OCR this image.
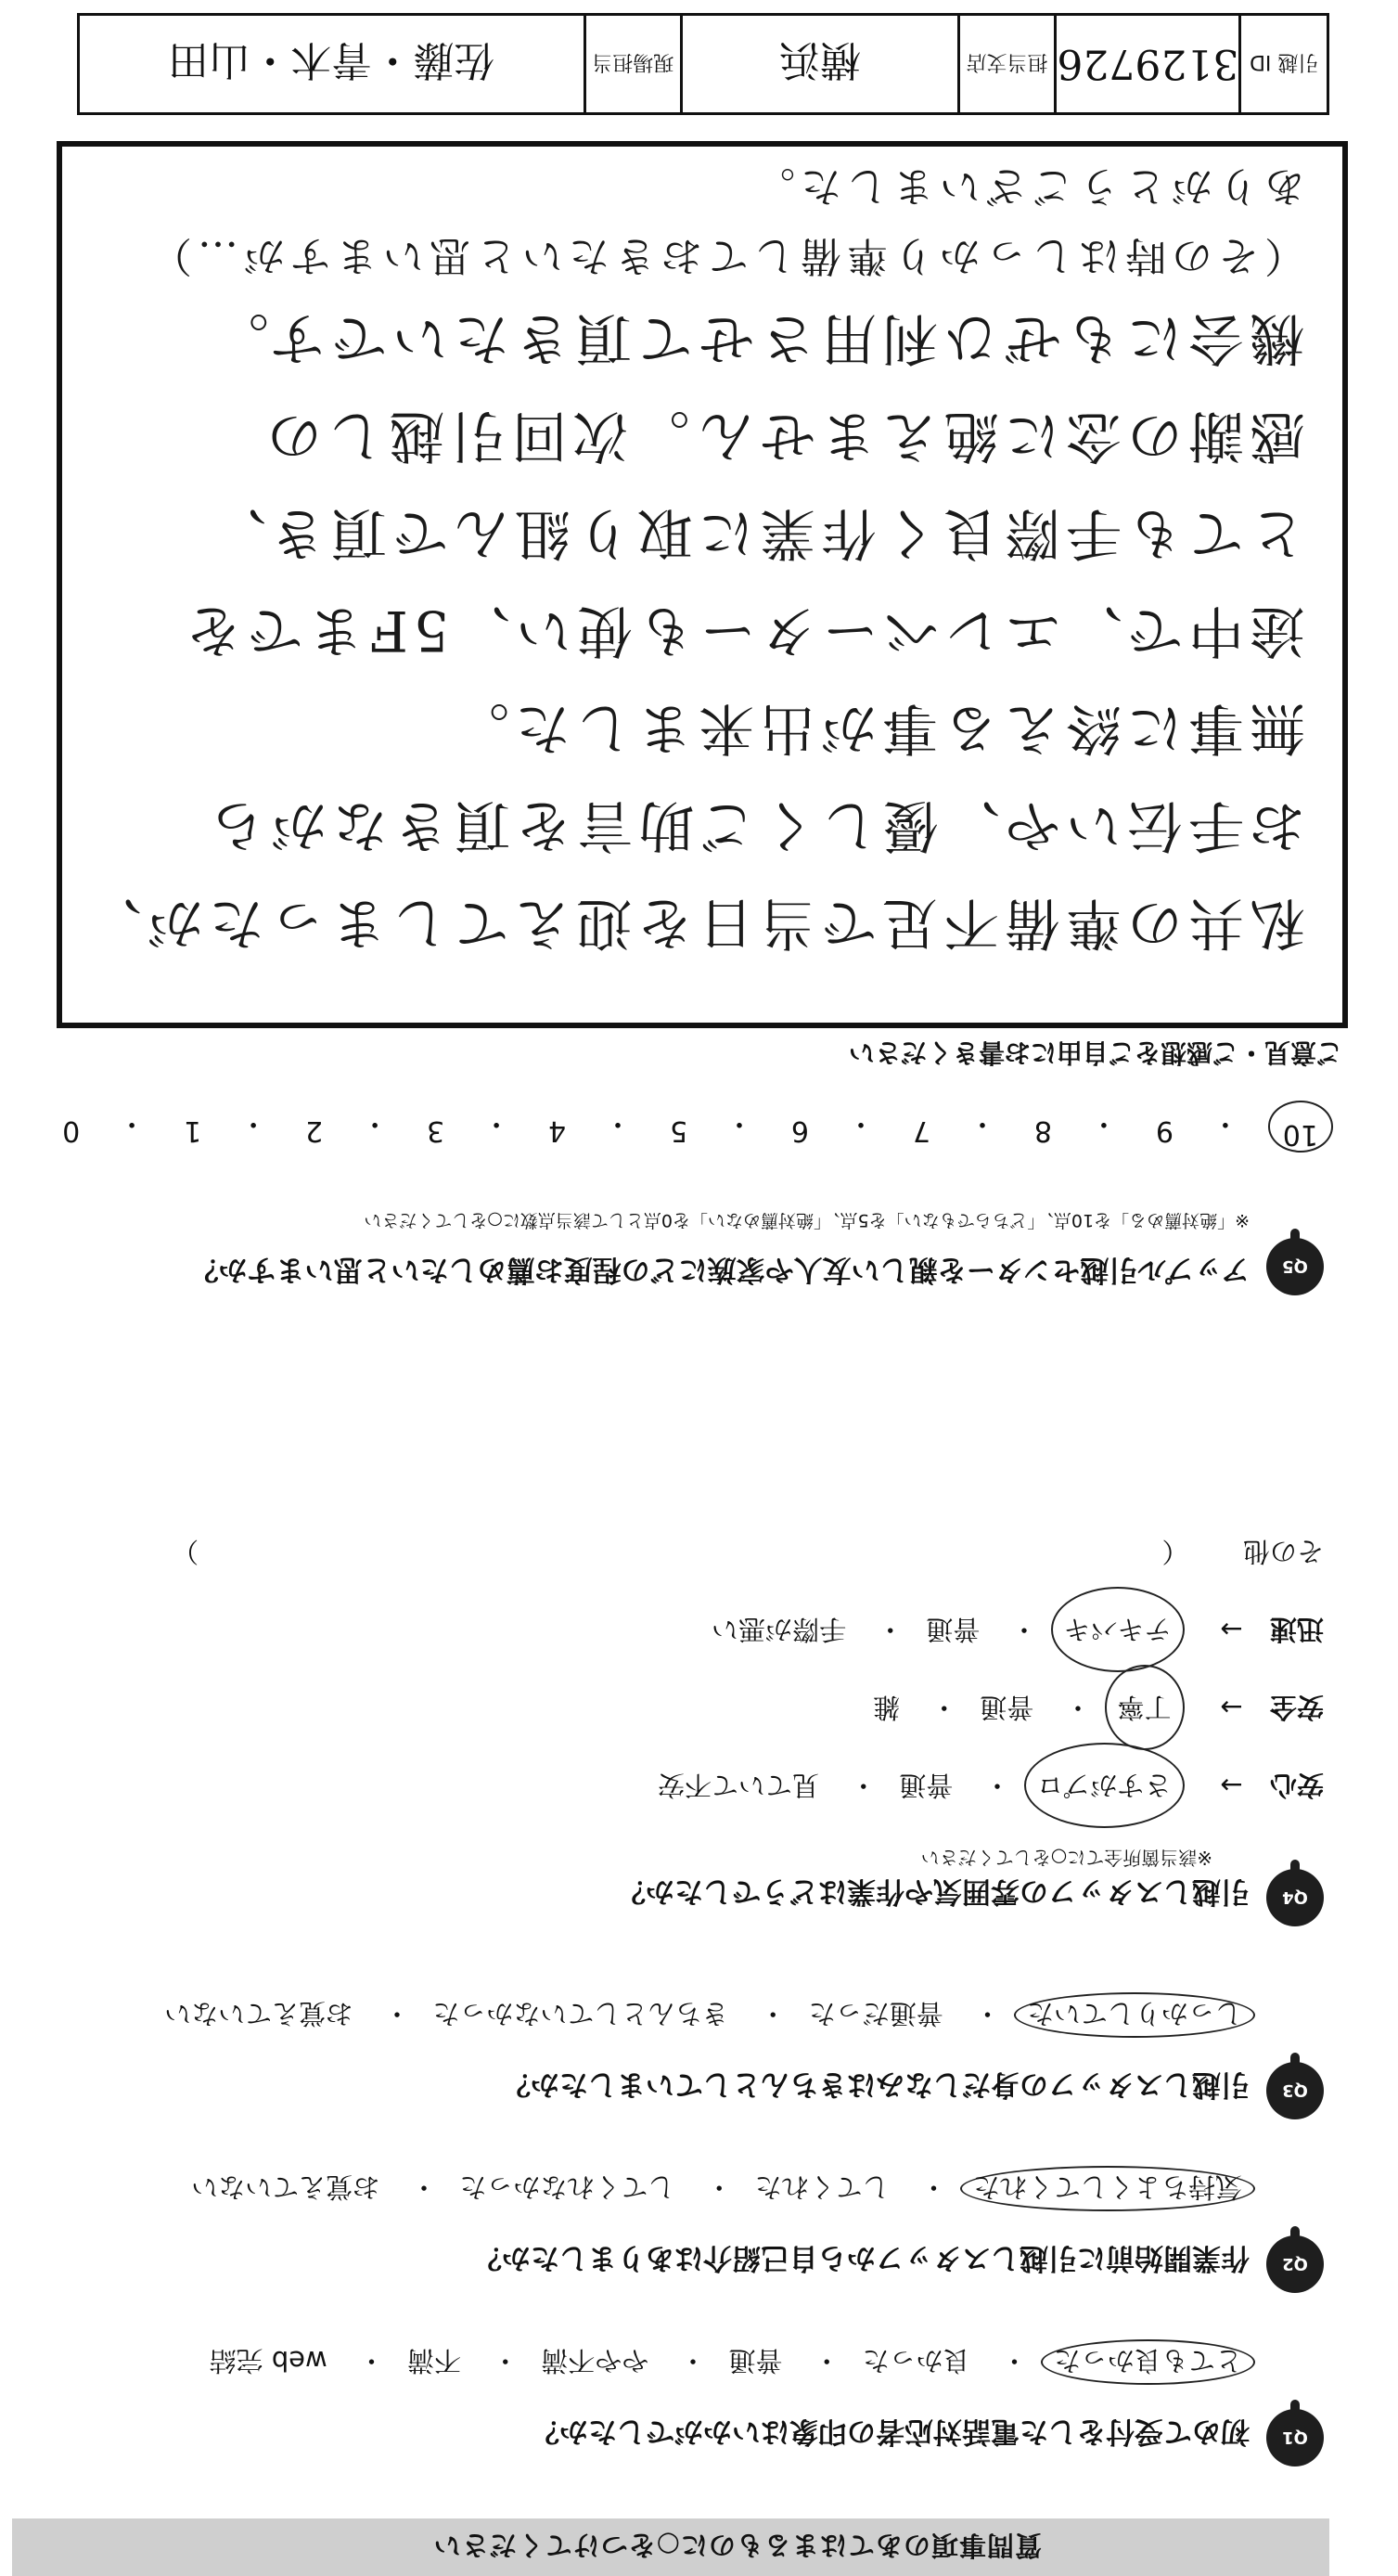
質問事項のあてはまるものに○をつけてください
Q1
初めて受付をした電話対応者の印象はいかがでしたか？
とても良かった・ 良かった・ 普通・ やや不満・ 不満・ web 完結
Q2
作業開始前に引越しスタッフから自己紹介はありましたか？
気持ちよくしてくれた・ してくれた・ してくれなかった・ お覚えていない
Q3
引越しスタッフの身だしなみはきちんとしていましたか？
しっかりしていた・ 普通だった・ きちんとしていなかった・ お覚えていない
Q4
引越しスタッフの雰囲気や作業はどうでしたか？
※該当箇所全てに○をしてください
安心 → さすがプロ・ 普通・ 見ていて不安
安全 → 丁寧・ 普通・ 雑
迅速 → テキパキ・ 普通・ 手際が悪い
その他  （  ）
Q5
アップル引越センターを親しい友人や家族にどの程度お薦めしたいと思いますか？
※「絶対薦める」を10点、「どちらでもない」を5点、「絶対薦めない」を0点として該当点数に○をしてください
10
・
9
・
8
・
7
・
6
・
5
・
4
・
3
・
2
・
1
・
0
ご意見・ご感想をご自由にお書きください
私共の準備不足で当日を迎えてしまったが、
お手伝いや、優しくご助言を頂きながら
無事に終える事が出来ました。
途中で、エレベーターも使い、5Fまでを
とても手際良く作業に取り組んで頂き、
感謝の念に絶えません。次回引越しの
機会にもぜひ利用させて頂きたいです。
（その時はしっかり準備しておきたいと思いますが…）
ありがとうございました。
引越 ID
3129726
担当支店
横浜
現場担当
佐藤・青木・山田
